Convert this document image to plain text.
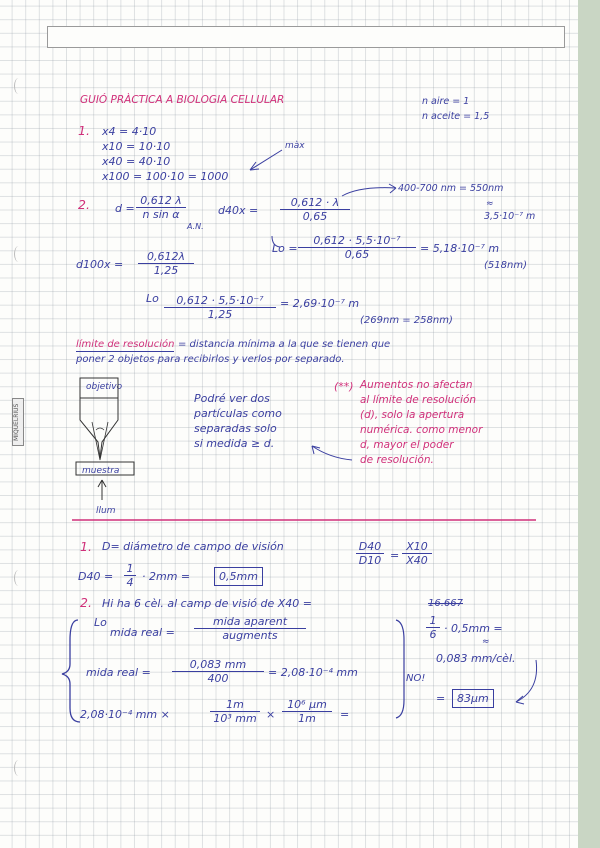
MIQUELRIUS
GUIÓ PRÀCTICA A BIOLOGIA CELLULAR	n aire = 1
n aceite = 1,5
1. x4 = 4·10
x10 = 10·10
x40 = 40·10
x100 = 100·10 = 1000
màx
2. $d = \frac{0,612 \lambda}{\text{n sin α}}$
A.N.
$d40x = \frac{0,612 \cdot \lambda}{0,65}$
400-700 nm = 550nm
≈
3,5·10⁻⁷ m
$Lo = \frac{\text{0,612 · 5,5·10⁻⁷}}{0,65} = 5,18\cdot 10^{-7}$ m
(518nm)
$d100x = \frac{0,612\lambda}{1,25}$
Lo $\frac{\text{0,612 · 5,5·10⁻⁷}}{1,25} = 2,69\cdot 10^{-7}$ m
(269nm = 258nm)
límite de resolución = distancia mínima a la que se tienen que
poner 2 objetos para recibirlos y verlos por separado.
objetivo
muestra
llum
Podré ver dos
partículas como
separadas solo
si medida ≥ d.
(**) Aumentos no afectan
al límite de resolución
(d), solo la apertura
numérica. como menor
d, mayor el poder
de resolución.
1. D= diámetro de campo de visión	$\frac{D40}{D10} = \frac{X10}{X40}$
$D40 = \frac{1}{4} \cdot 2mm$ =	0,5mm
2. Hi ha 6 cèl. al camp de visió de X40 =	16.667
Lo
mida real =
mida aparent
augments
mida real = $\frac{0,083 mm}{400} = 2,08\cdot 10^{-4}$ mm
2,08·10⁻⁴ mm ×	$\frac{1m}{\text{10³ mm}} \times \frac{\text{10⁶ μm}}{1m}$ =
NO!
$\frac{1}{6} \cdot 0,5mm$ =
≈
0,083 mm/cèl.
=	83μm
